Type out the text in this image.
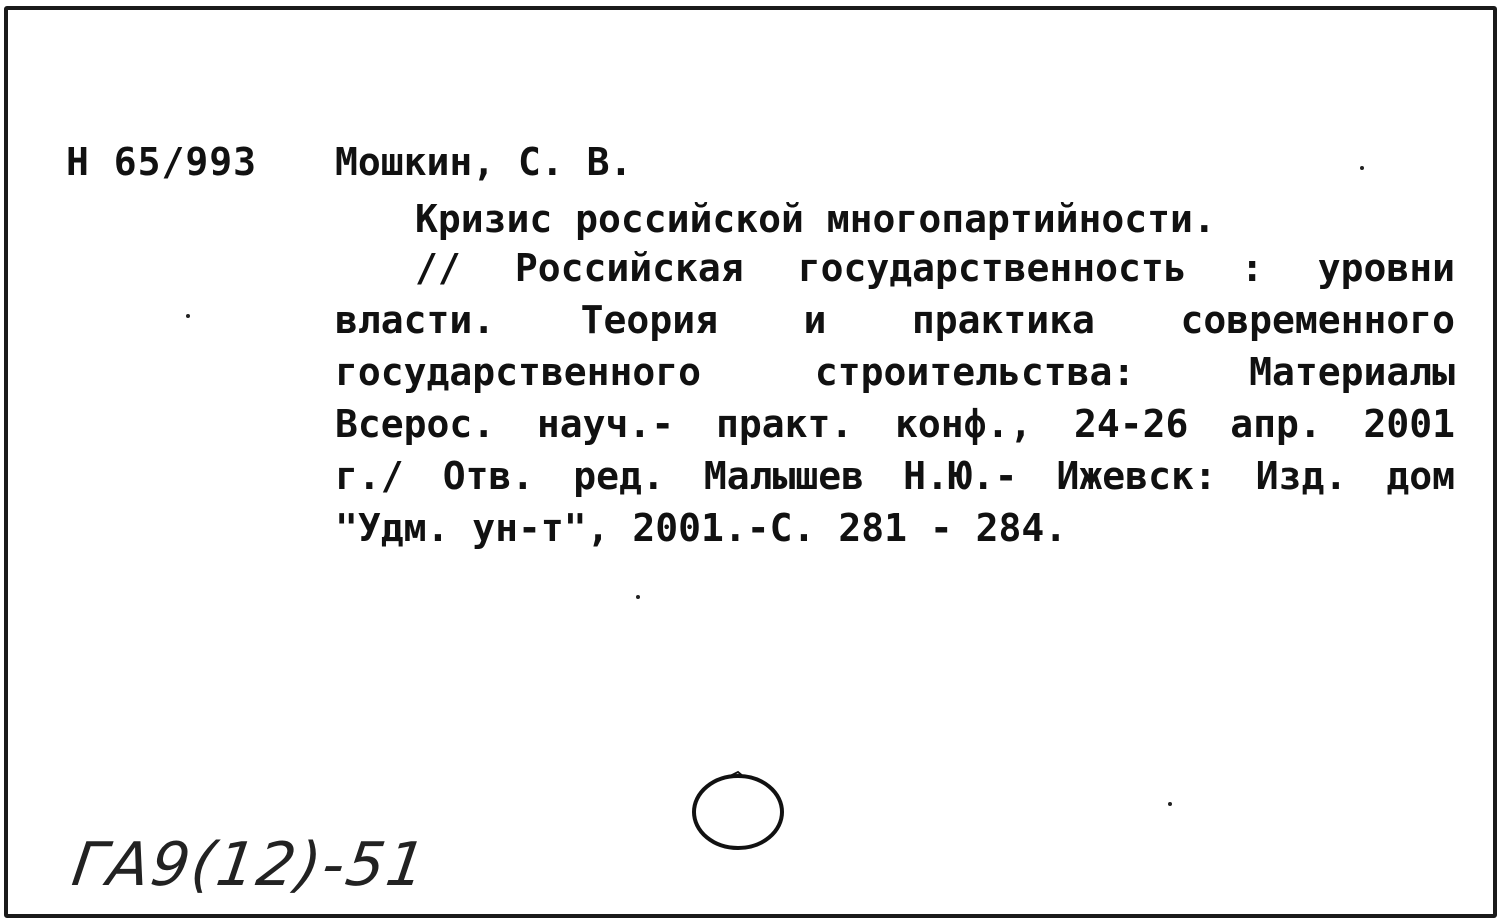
Н 65/993 Мошкин, С. В.
Кризис российской многопартийности.
// Российская государственность : уровни
власти. Теория и практика современного
государственного строительства: Материалы
Всерос. науч.- практ. конф., 24-26 апр. 2001
г./ Отв. ред. Малышев Н.Ю.- Ижевск: Изд. дом
"Удм. ун-т", 2001.-С. 281 - 284.
ГА9(12)-51
